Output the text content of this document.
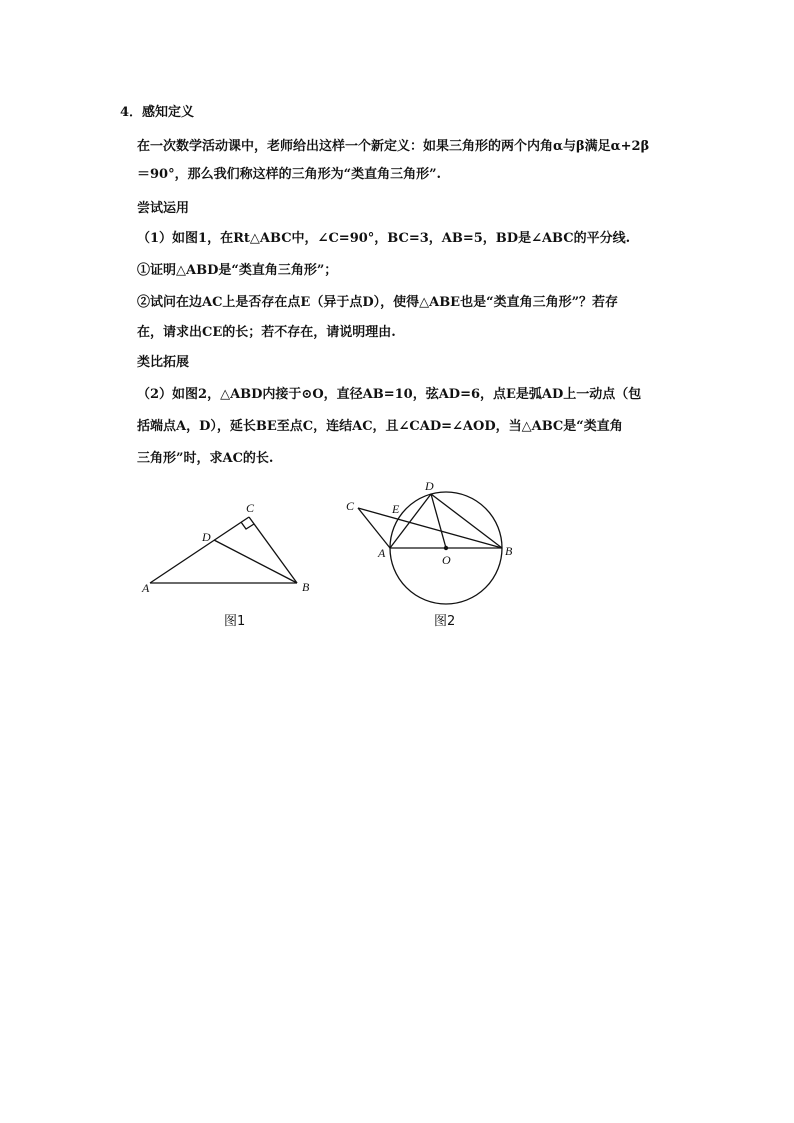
4．感知定义
在一次数学活动课中，老师给出这样一个新定义：如果三角形的两个内角α与β满足α+2β
＝90°，那么我们称这样的三角形为“类直角三角形”.
尝试运用
（1）如图1，在Rt△ABC中，∠C=90°，BC=3，AB=5，BD是∠ABC的平分线.
①证明△ABD是“类直角三角形”；
②试问在边AC上是否存在点E（异于点D），使得△ABE也是“类直角三角形”？若存
在，请求出CE的长；若不存在，请说明理由.
类比拓展
（2）如图2，△ABD内接于⊙O，直径AB=10，弦AD=6，点E是弧AD上一动点（包
括端点A，D），延长BE至点C，连结AC，且∠CAD=∠AOD，当△ABC是“类直角
三角形”时，求AC的长.
A	B
C
D
图1
A	B
C
D
E
O
图2
